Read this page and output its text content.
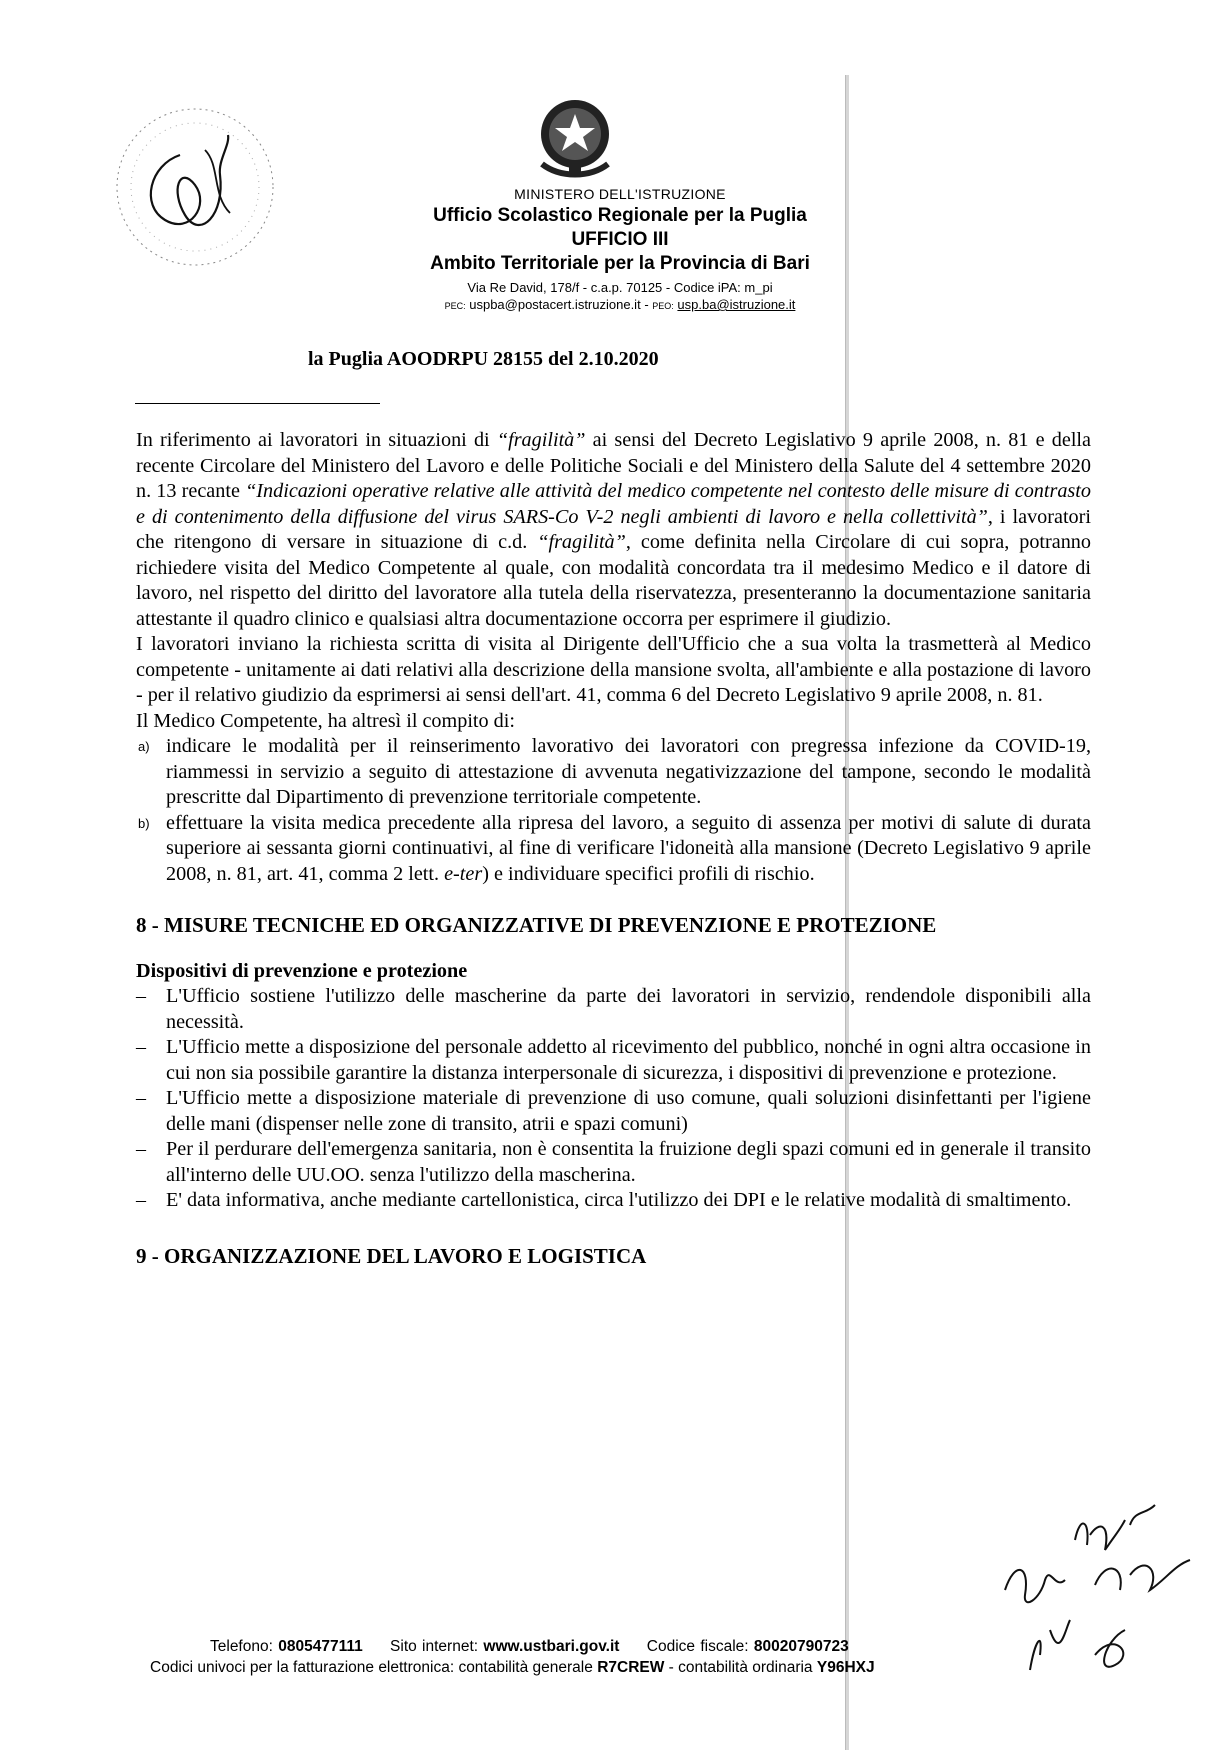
MINISTERO DELL'ISTRUZIONE
Ufficio Scolastico Regionale per la Puglia
UFFICIO III
Ambito Territoriale per la Provincia di Bari
Via Re David, 178/f - c.a.p. 70125 - Codice iPA: m_pi
PEC: uspba@postacert.istruzione.it - PEO: usp.ba@istruzione.it
la Puglia AOODRPU 28155 del 2.10.2020

In riferimento ai lavoratori in situazioni di “fragilità” ai sensi del Decreto Legislativo 9 aprile 2008, n. 81 e della recente Circolare del Ministero del Lavoro e delle Politiche Sociali e del Ministero della Salute del 4 settembre 2020 n. 13 recante “Indicazioni operative relative alle attività del medico competente nel contesto delle misure di contrasto e di contenimento della diffusione del virus SARS-Co V-2 negli ambienti di lavoro e nella collettività”, i lavoratori che ritengono di versare in situazione di c.d. “fragilità”, come definita nella Circolare di cui sopra, potranno richiedere visita del Medico Competente al quale, con modalità concordata tra il medesimo Medico e il datore di lavoro, nel rispetto del diritto del lavoratore alla tutela della riservatezza, presenteranno la documentazione sanitaria attestante il quadro clinico e qualsiasi altra documentazione occorra per esprimere il giudizio.

I lavoratori inviano la richiesta scritta di visita al Dirigente dell'Ufficio che a sua volta la trasmetterà al Medico competente - unitamente ai dati relativi alla descrizione della mansione svolta, all'ambiente e alla postazione di lavoro - per il relativo giudizio da esprimersi ai sensi dell'art. 41, comma 6 del Decreto Legislativo 9 aprile 2008, n. 81.

Il Medico Competente, ha altresì il compito di:

a) indicare le modalità per il reinserimento lavorativo dei lavoratori con pregressa infezione da COVID-19, riammessi in servizio a seguito di attestazione di avvenuta negativizzazione del tampone, secondo le modalità prescritte dal Dipartimento di prevenzione territoriale competente.
b) effettuare la visita medica precedente alla ripresa del lavoro, a seguito di assenza per motivi di salute di durata superiore ai sessanta giorni continuativi, al fine di verificare l'idoneità alla mansione (Decreto Legislativo 9 aprile 2008, n. 81, art. 41, comma 2 lett. e-ter) e individuare specifici profili di rischio.
8 - MISURE TECNICHE ED ORGANIZZATIVE DI PREVENZIONE E PROTEZIONE
Dispositivi di prevenzione e protezione
– L'Ufficio sostiene l'utilizzo delle mascherine da parte dei lavoratori in servizio, rendendole disponibili alla necessità.
– L'Ufficio mette a disposizione del personale addetto al ricevimento del pubblico, nonché in ogni altra occasione in cui non sia possibile garantire la distanza interpersonale di sicurezza, i dispositivi di prevenzione e protezione.
– L'Ufficio mette a disposizione materiale di prevenzione di uso comune, quali soluzioni disinfettanti per l'igiene delle mani (dispenser nelle zone di transito, atrii e spazi comuni)
– Per il perdurare dell'emergenza sanitaria, non è consentita la fruizione degli spazi comuni ed in generale il transito all'interno delle UU.OO. senza l'utilizzo della mascherina.
– E' data informativa, anche mediante cartellonistica, circa l'utilizzo dei DPI e le relative modalità di smaltimento.
9 - ORGANIZZAZIONE DEL LAVORO E LOGISTICA
Telefono: 0805477111 Sito internet: www.ustbari.gov.it Codice fiscale: 80020790723
Codici univoci per la fatturazione elettronica: contabilità generale R7CREW - contabilità ordinaria Y96HXJ
